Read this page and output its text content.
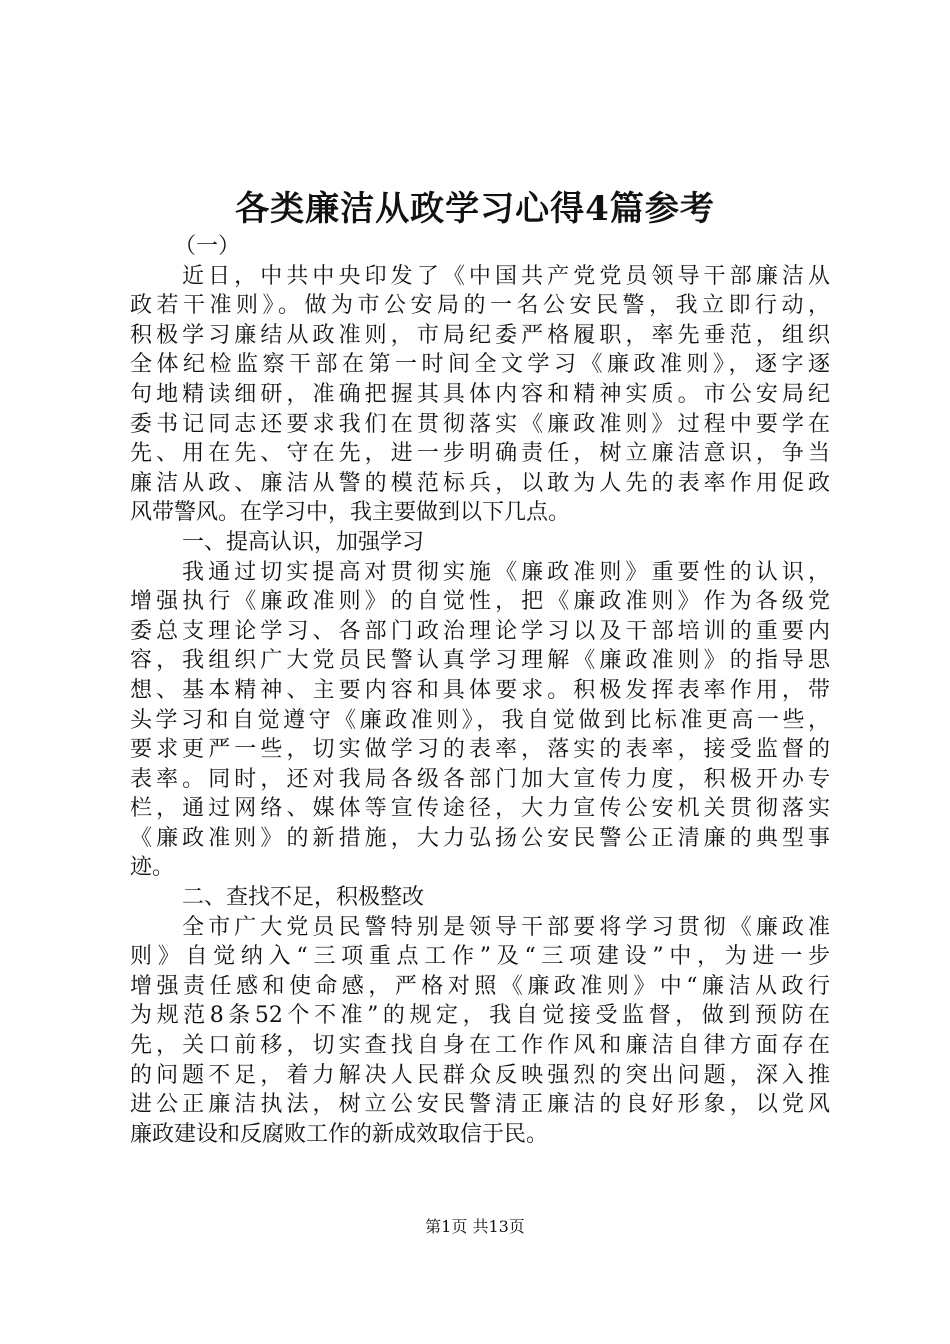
各类廉洁从政学习心得4篇参考

（一）

近日，中共中央印发了《中国共产党党员领导干部廉洁从

政若干准则》。做为市公安局的一名公安民警，我立即行动，

积极学习廉结从政准则，市局纪委严格履职，率先垂范，组织

全体纪检监察干部在第一时间全文学习《廉政准则》，逐字逐

句地精读细研，准确把握其具体内容和精神实质。市公安局纪

委书记同志还要求我们在贯彻落实《廉政准则》过程中要学在

先、用在先、守在先，进一步明确责任，树立廉洁意识，争当

廉洁从政、廉洁从警的模范标兵，以敢为人先的表率作用促政

风带警风。在学习中，我主要做到以下几点。

一、提高认识，加强学习

我通过切实提高对贯彻实施《廉政准则》重要性的认识，

增强执行《廉政准则》的自觉性，把《廉政准则》作为各级党

委总支理论学习、各部门政治理论学习以及干部培训的重要内

容，我组织广大党员民警认真学习理解《廉政准则》的指导思

想、基本精神、主要内容和具体要求。积极发挥表率作用，带

头学习和自觉遵守《廉政准则》，我自觉做到比标准更高一些，

要求更严一些，切实做学习的表率，落实的表率，接受监督的

表率。同时，还对我局各级各部门加大宣传力度，积极开办专

栏，通过网络、媒体等宣传途径，大力宣传公安机关贯彻落实

《廉政准则》的新措施，大力弘扬公安民警公正清廉的典型事

迹。

二、查找不足，积极整改

全市广大党员民警特别是领导干部要将学习贯彻《廉政准

则》自觉纳入“三项重点工作”及“三项建设”中，为进一步

增强责任感和使命感，严格对照《廉政准则》中“廉洁从政行

为规范8条52个不准”的规定，我自觉接受监督，做到预防在

先，关口前移，切实查找自身在工作作风和廉洁自律方面存在

的问题不足，着力解决人民群众反映强烈的突出问题，深入推

进公正廉洁执法，树立公安民警清正廉洁的良好形象，以党风

廉政建设和反腐败工作的新成效取信于民。

第1页 共13页
